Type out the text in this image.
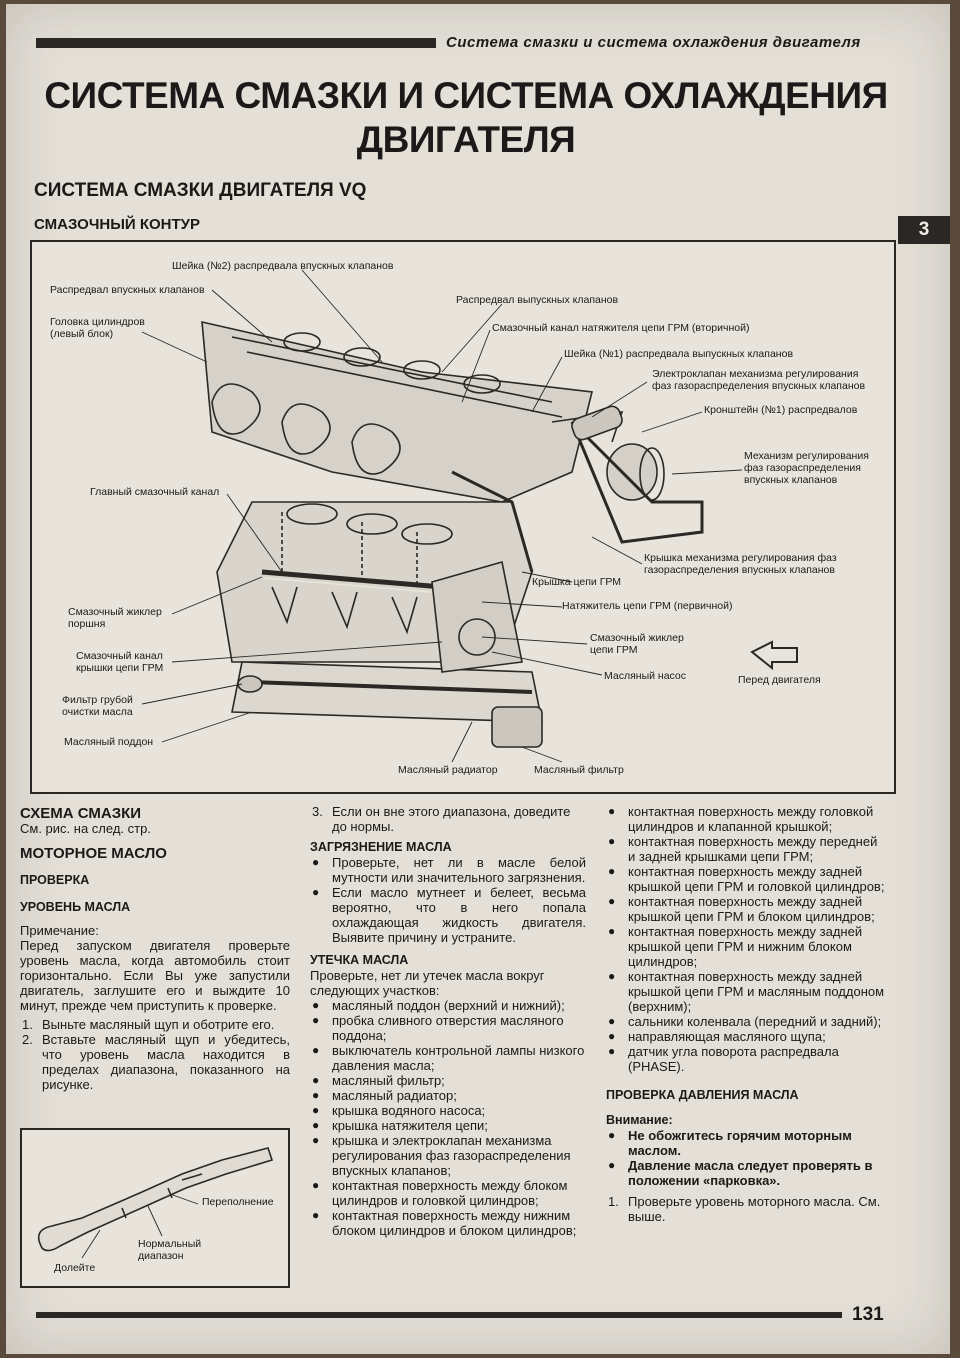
Система смазки и система охлаждения двигателя
СИСТЕМА СМАЗКИ И СИСТЕМА ОХЛАЖДЕНИЯ
ДВИГАТЕЛЯ
СИСТЕМА СМАЗКИ ДВИГАТЕЛЯ VQ
СМАЗОЧНЫЙ КОНТУР	3
Шейка (№2) распредвала впускных клапанов
Распредвал впускных клапанов
Головка цилиндров
(левый блок)
Распредвал выпускных клапанов
Смазочный канал натяжителя цепи ГРМ (вторичной)
Шейка (№1) распредвала выпускных клапанов
Электроклапан механизма регулирования
фаз газораспределения впускных клапанов
Кронштейн (№1) распредвалов
Механизм регулирования
фаз газораспределения
впускных клапанов
Главный смазочный канал
Крышка механизма регулирования фаз
газораспределения впускных клапанов
Крышка цепи ГРМ
Натяжитель цепи ГРМ (первичной)
Смазочный жиклер
поршня
Смазочный жиклер
цепи ГРМ
Смазочный канал
крышки цепи ГРМ
Масляный насос	Перед двигателя
Фильтр грубой
очистки масла
Масляный поддон
Масляный радиатор	Масляный фильтр

СХЕМА СМАЗКИ

См. рис. на след. стр.

МОТОРНОЕ МАСЛО

ПРОВЕРКА

УРОВЕНЬ МАСЛА

Примечание:

Перед запуском двигателя проверьте уровень масла, когда автомобиль стоит горизонтально. Если Вы уже запустили двигатель, заглушите его и выждите 10 минут, прежде чем приступить к проверке.

1. Выньте масляный щуп и оботрите его.
2. Вставьте масляный щуп и убедитесь, что уровень масла находится в пределах диапазона, показанного на рисунке.
Переполнение
Нормальный
диапазон
Долейте
3. Если он вне этого диапазона, доведите до нормы.

ЗАГРЯЗНЕНИЕ МАСЛА

● Проверьте, нет ли в масле белой мутности или значительного загрязнения.
● Если масло мутнеет и белеет, весьма вероятно, что в него попала охлаждающая жидкость двигателя. Выявите причину и устраните.

УТЕЧКА МАСЛА

Проверьте, нет ли утечек масла вокруг следующих участков:

● масляный поддон (верхний и нижний);
● пробка сливного отверстия масляного поддона;
● выключатель контрольной лампы низкого давления масла;
● масляный фильтр;
● масляный радиатор;
● крышка водяного насоса;
● крышка натяжителя цепи;
● крышка и электроклапан механизма регулирования фаз газораспределения впускных клапанов;
● контактная поверхность между блоком цилиндров и головкой цилиндров;
● контактная поверхность между нижним блоком цилиндров и блоком цилиндров;
● контактная поверхность между головкой цилиндров и клапанной крышкой;
● контактная поверхность между передней и задней крышками цепи ГРМ;
● контактная поверхность между задней крышкой цепи ГРМ и головкой цилиндров;
● контактная поверхность между задней крышкой цепи ГРМ и блоком цилиндров;
● контактная поверхность между задней крышкой цепи ГРМ и нижним блоком цилиндров;
● контактная поверхность между задней крышкой цепи ГРМ и масляным поддоном (верхним);
● сальники коленвала (передний и задний);
● направляющая масляного щупа;
● датчик угла поворота распредвала (PHASE).

ПРОВЕРКА ДАВЛЕНИЯ МАСЛА

Внимание:

● Не обожгитесь горячим моторным маслом.
● Давление масла следует проверять в положении «парковка».
1. Проверьте уровень моторного масла. См. выше.
131
